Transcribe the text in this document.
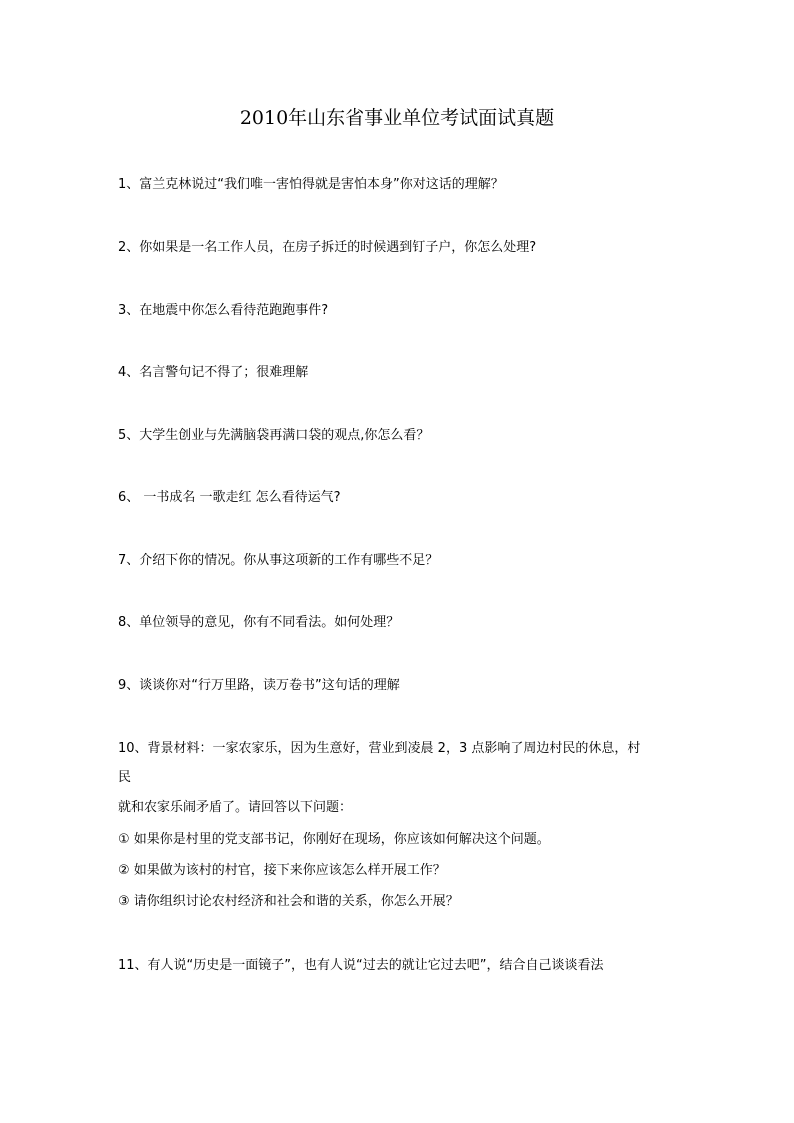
2010年山东省事业单位考试面试真题
1、富兰克林说过“我们唯一害怕得就是害怕本身”你对这话的理解？
2、你如果是一名工作人员，在房子拆迁的时候遇到钉子户，你怎么处理?
3、在地震中你怎么看待范跑跑事件?
4、名言警句记不得了；很难理解
5、大学生创业与先满脑袋再满口袋的观点,你怎么看？
6、 一书成名 一歌走红 怎么看待运气?
7、介绍下你的情况。你从事这项新的工作有哪些不足？
8、单位领导的意见，你有不同看法。如何处理？
9、谈谈你对“行万里路，读万卷书”这句话的理解
10、背景材料：一家农家乐，因为生意好，营业到凌晨 2，3 点影响了周边村民的休息，村
民
就和农家乐闹矛盾了。请回答以下问题：
① 如果你是村里的党支部书记，你刚好在现场，你应该如何解决这个问题。
② 如果做为该村的村官，接下来你应该怎么样开展工作？
③ 请你组织讨论农村经济和社会和谐的关系，你怎么开展？
11、有人说“历史是一面镜子”，也有人说“过去的就让它过去吧”，结合自己谈谈看法
